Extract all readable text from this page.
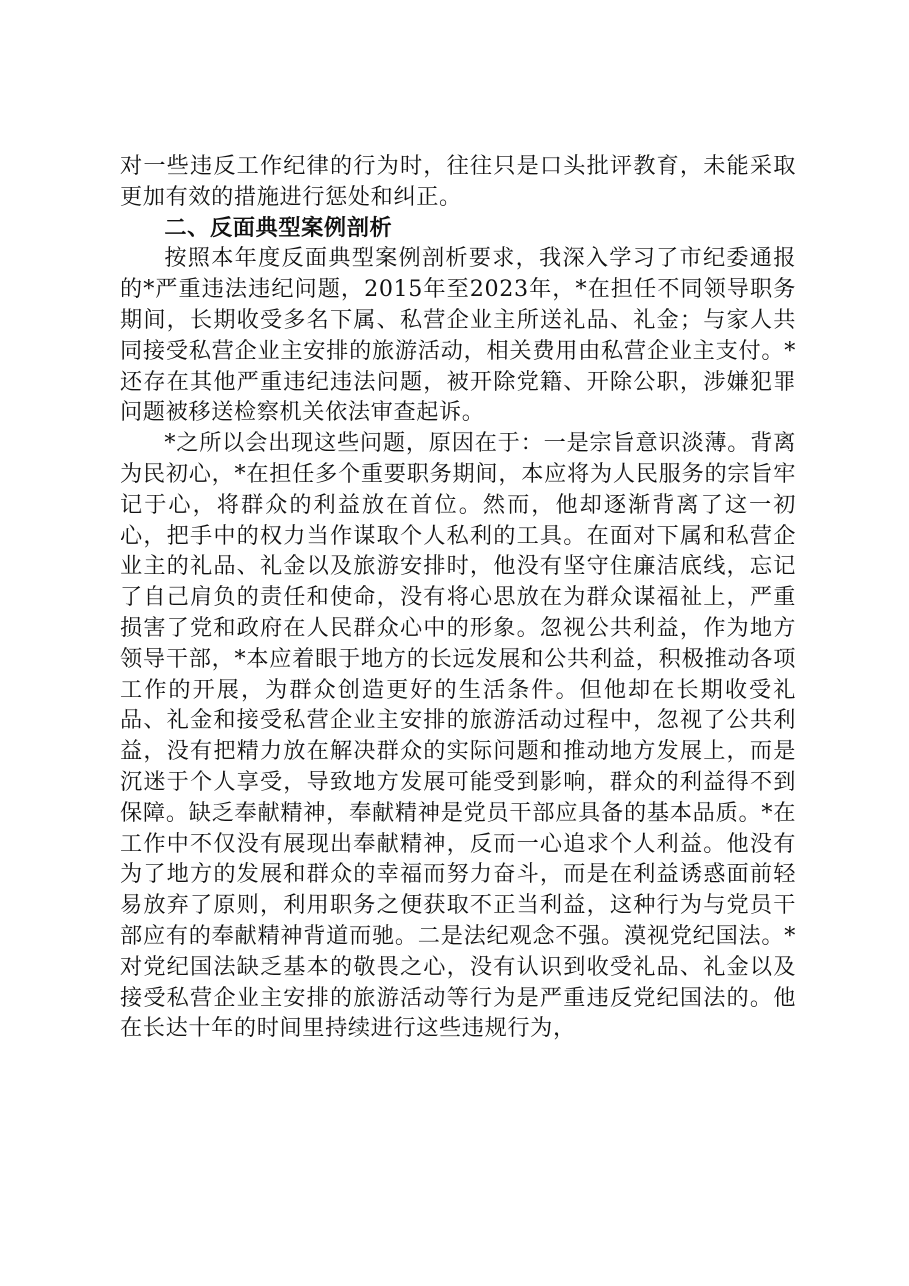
对一些违反工作纪律的行为时，往往只是口头批评教育，未能采取更加有效的措施进行惩处和纠正。

二、反面典型案例剖析

按照本年度反面典型案例剖析要求，我深入学习了市纪委通报的*严重违法违纪问题，2015年至2023年，*在担任不同领导职务期间，长期收受多名下属、私营企业主所送礼品、礼金；与家人共同接受私营企业主安排的旅游活动，相关费用由私营企业主支付。*还存在其他严重违纪违法问题，被开除党籍、开除公职，涉嫌犯罪问题被移送检察机关依法审查起诉。

*之所以会出现这些问题，原因在于：一是宗旨意识淡薄。背离为民初心，*在担任多个重要职务期间，本应将为人民服务的宗旨牢记于心，将群众的利益放在首位。然而，他却逐渐背离了这一初心，把手中的权力当作谋取个人私利的工具。在面对下属和私营企业主的礼品、礼金以及旅游安排时，他没有坚守住廉洁底线，忘记了自己肩负的责任和使命，没有将心思放在为群众谋福祉上，严重损害了党和政府在人民群众心中的形象。忽视公共利益，作为地方领导干部，*本应着眼于地方的长远发展和公共利益，积极推动各项工作的开展，为群众创造更好的生活条件。但他却在长期收受礼品、礼金和接受私营企业主安排的旅游活动过程中，忽视了公共利益，没有把精力放在解决群众的实际问题和推动地方发展上，而是沉迷于个人享受，导致地方发展可能受到影响，群众的利益得不到保障。缺乏奉献精神，奉献精神是党员干部应具备的基本品质。*在工作中不仅没有展现出奉献精神，反而一心追求个人利益。他没有为了地方的发展和群众的幸福而努力奋斗，而是在利益诱惑面前轻易放弃了原则，利用职务之便获取不正当利益，这种行为与党员干部应有的奉献精神背道而驰。二是法纪观念不强。漠视党纪国法。*对党纪国法缺乏基本的敬畏之心，没有认识到收受礼品、礼金以及接受私营企业主安排的旅游活动等行为是严重违反党纪国法的。他在长达十年的时间里持续进行这些违规行为，
